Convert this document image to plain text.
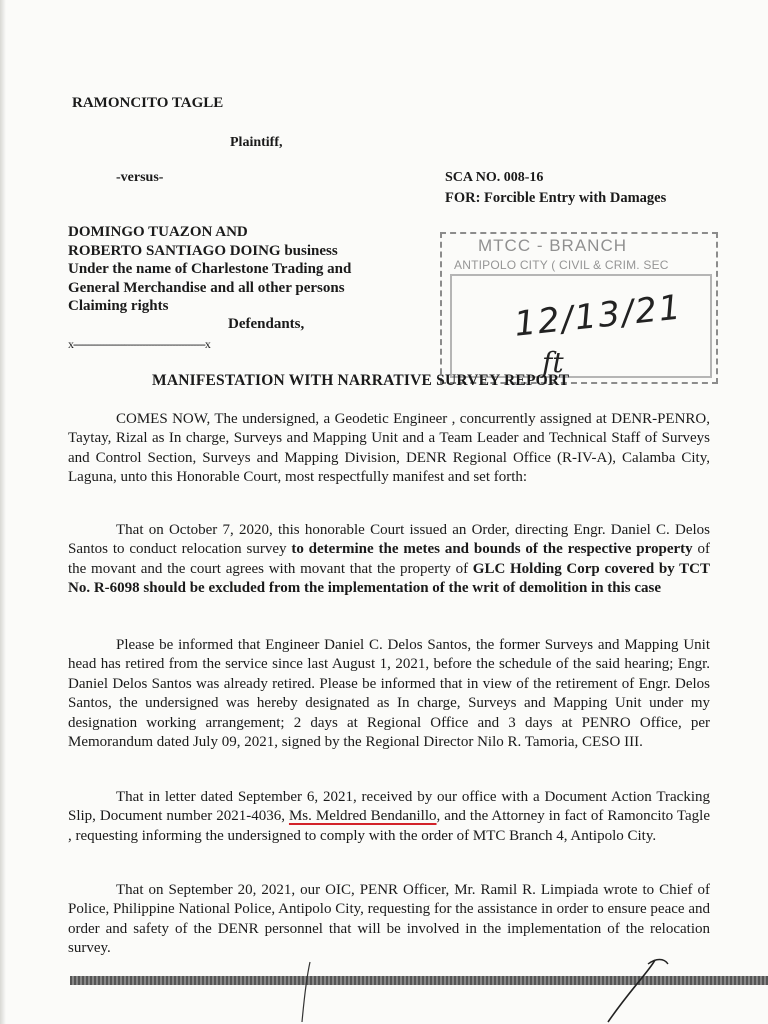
RAMONCITO TAGLE
Plaintiff,
-versus-	SCA NO. 008-16
FOR: Forcible Entry with Damages
DOMINGO TUAZON AND
ROBERTO SANTIAGO DOING business
Under the name of Charlestone Trading and
General Merchandise and all other persons
Claiming rights
Defendants,
x--------------------------------------------x
MTCC - BRANCH
ANTIPOLO CITY ( CIVIL & CRIM. SEC
12/13/21
ft
MANIFESTATION WITH NARRATIVE SURVEY REPORT

COMES NOW, The undersigned, a Geodetic Engineer , concurrently assigned at DENR-PENRO, Taytay, Rizal as In charge, Surveys and Mapping Unit and a Team Leader and Technical Staff of Surveys and Control Section, Surveys and Mapping Division, DENR Regional Office (R-IV-A), Calamba City, Laguna, unto this Honorable Court, most respectfully manifest and set forth:

That on October 7, 2020, this honorable Court issued an Order, directing Engr. Daniel C. Delos Santos to conduct relocation survey to determine the metes and bounds of the respective property of the movant and the court agrees with movant that the property of GLC Holding Corp covered by TCT No. R-6098 should be excluded from the implementation of the writ of demolition in this case

Please be informed that Engineer Daniel C. Delos Santos, the former Surveys and Mapping Unit head has retired from the service since last August 1, 2021, before the schedule of the said hearing; Engr. Daniel Delos Santos was already retired. Please be informed that in view of the retirement of Engr. Delos Santos, the undersigned was hereby designated as In charge, Surveys and Mapping Unit under my designation working arrangement; 2 days at Regional Office and 3 days at PENRO Office, per Memorandum dated July 09, 2021, signed by the Regional Director Nilo R. Tamoria, CESO III.

That in letter dated September 6, 2021, received by our office with a Document Action Tracking Slip, Document number 2021-4036, Ms. Meldred Bendanillo, and the Attorney in fact of Ramoncito Tagle , requesting informing the undersigned to comply with the order of MTC Branch 4, Antipolo City.

That on September 20, 2021, our OIC, PENR Officer, Mr. Ramil R. Limpiada wrote to Chief of Police, Philippine National Police, Antipolo City, requesting for the assistance in order to ensure peace and order and safety of the DENR personnel that will be involved in the implementation of the relocation survey.
